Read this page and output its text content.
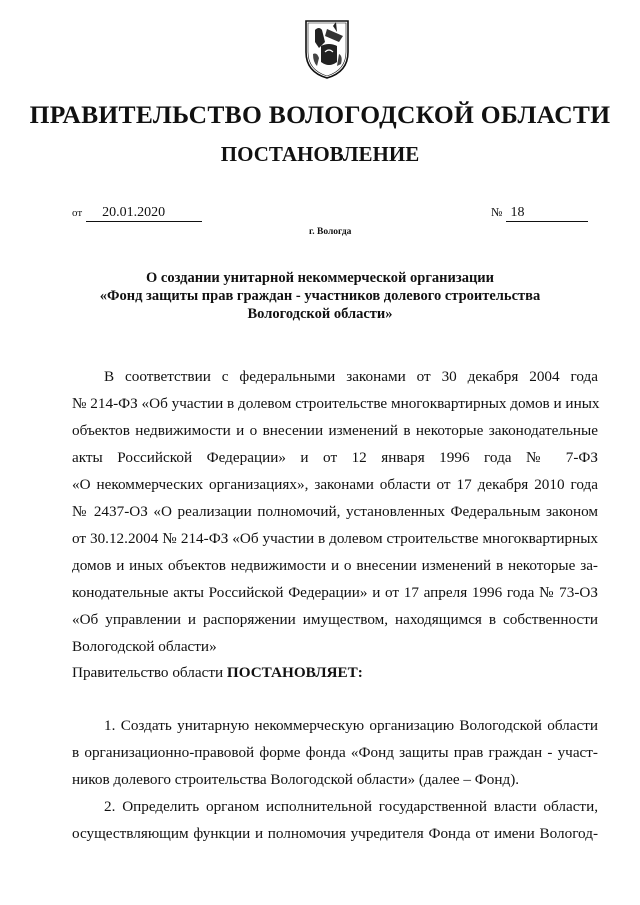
ПРАВИТЕЛЬСТВО ВОЛОГОДСКОЙ ОБЛАСТИ
ПОСТАНОВЛЕНИЕ
от 20.01.2020	№ 18
г. Вологда
О создании унитарной некоммерческой организации
«Фонд защиты прав граждан - участников долевого строительства
Вологодской области»
В соответствии с федеральными законами от 30 декабря 2004 года
№ 214-ФЗ «Об участии в долевом строительстве многоквартирных домов и иных
объектов недвижимости и о внесении изменений в некоторые законодательные
акты Российской Федерации» и от 12 января 1996 года № 7-ФЗ
«О некоммерческих организациях», законами области от 17 декабря 2010 года
№ 2437-ОЗ «О реализации полномочий, установленных Федеральным законом
от 30.12.2004 № 214-ФЗ «Об участии в долевом строительстве многоквартирных
домов и иных объектов недвижимости и о внесении изменений в некоторые за-
конодательные акты Российской Федерации» и от 17 апреля 1996 года № 73-ОЗ
«Об управлении и распоряжении имуществом, находящимся в собственности
Вологодской области»
Правительство области ПОСТАНОВЛЯЕТ:
1. Создать унитарную некоммерческую организацию Вологодской области
в организационно-правовой форме фонда «Фонд защиты прав граждан - участ-
ников долевого строительства Вологодской области» (далее – Фонд).
2. Определить органом исполнительной государственной власти области,
осуществляющим функции и полномочия учредителя Фонда от имени Вологод-
